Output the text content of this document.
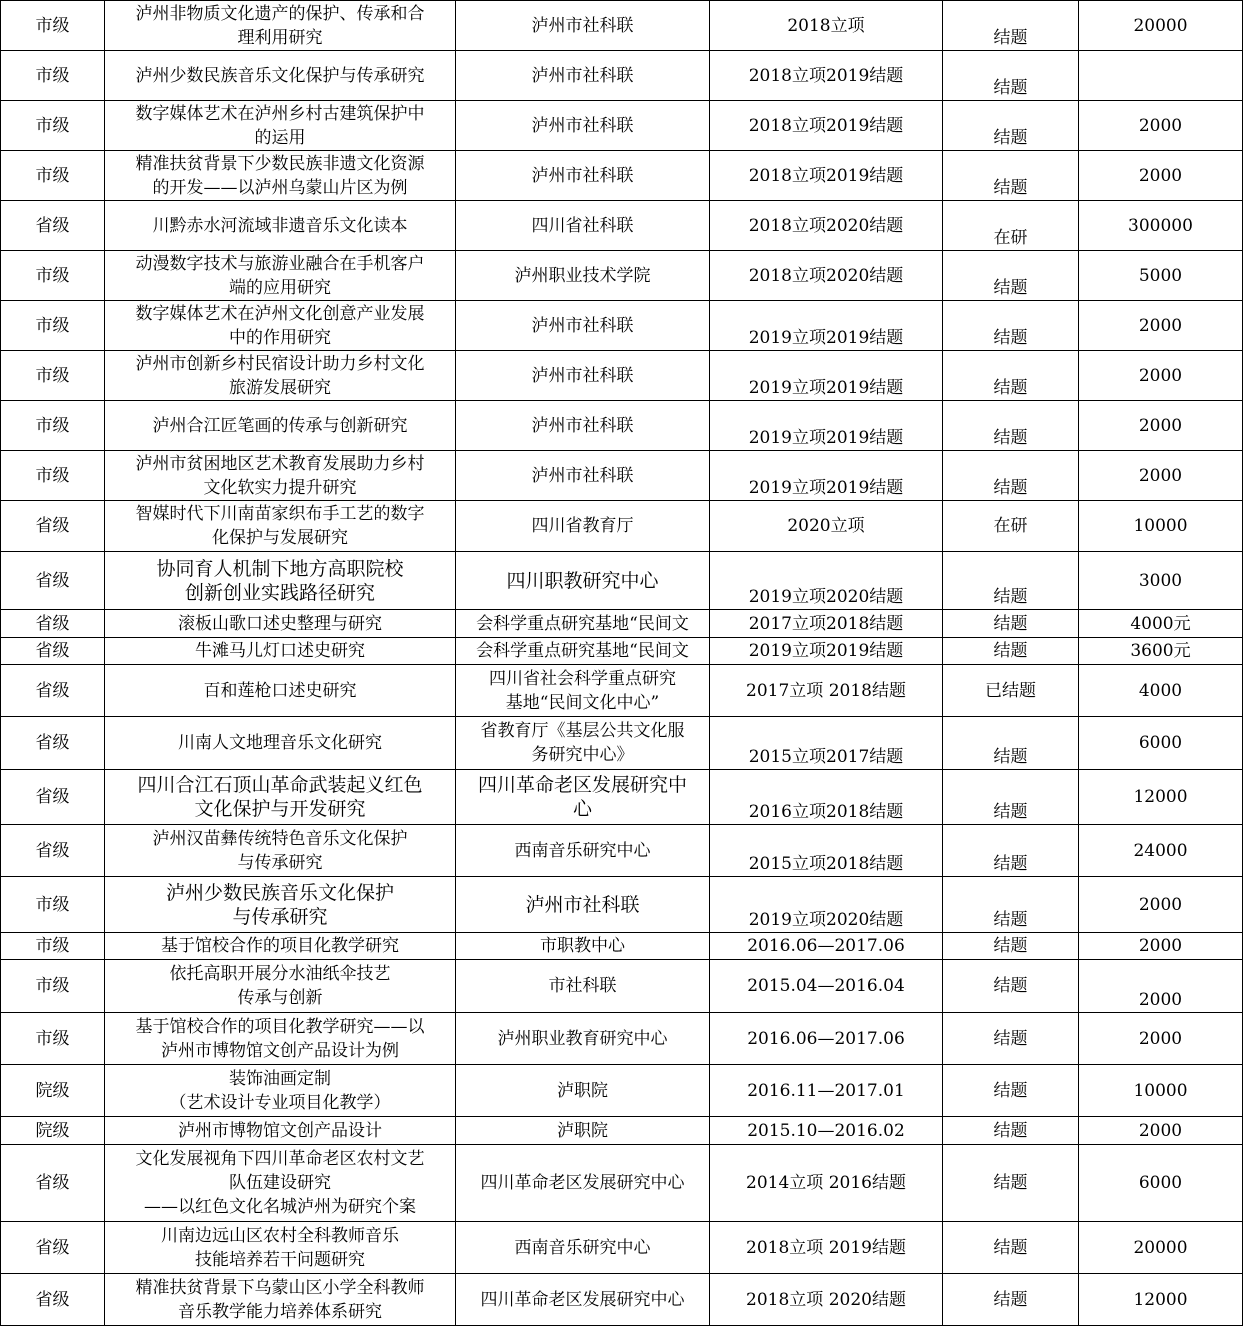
市级	泸州非物质文化遗产的保护、传承和合
理利用研究	泸州市社科联	2018立项	结题	20000
市级	泸州少数民族音乐文化保护与传承研究	泸州市社科联	2018立项2019结题	结题	
市级	数字媒体艺术在泸州乡村古建筑保护中
的运用	泸州市社科联	2018立项2019结题	结题	2000
市级	精准扶贫背景下少数民族非遗文化资源
的开发——以泸州乌蒙山片区为例	泸州市社科联	2018立项2019结题	结题	2000
省级	川黔赤水河流域非遗音乐文化读本	四川省社科联	2018立项2020结题	在研	300000
市级	动漫数字技术与旅游业融合在手机客户
端的应用研究	泸州职业技术学院	2018立项2020结题	结题	5000
市级	数字媒体艺术在泸州文化创意产业发展
中的作用研究	泸州市社科联	2019立项2019结题	结题	2000
市级	泸州市创新乡村民宿设计助力乡村文化
旅游发展研究	泸州市社科联	2019立项2019结题	结题	2000
市级	泸州合江匠笔画的传承与创新研究	泸州市社科联	2019立项2019结题	结题	2000
市级	泸州市贫困地区艺术教育发展助力乡村
文化软实力提升研究	泸州市社科联	2019立项2019结题	结题	2000
省级	智媒时代下川南苗家织布手工艺的数字
化保护与发展研究	四川省教育厅	2020立项	在研	10000
省级	协同育人机制下地方高职院校
创新创业实践路径研究	四川职教研究中心	2019立项2020结题	结题	3000
省级	滚板山歌口述史整理与研究	会科学重点研究基地“民间文	2017立项2018结题	结题	4000元
省级	牛滩马儿灯口述史研究	会科学重点研究基地“民间文	2019立项2019结题	结题	3600元
省级	百和莲枪口述史研究	四川省社会科学重点研究
基地“民间文化中心”	2017立项 2018结题	已结题	4000
省级	川南人文地理音乐文化研究	省教育厅《基层公共文化服
务研究中心》	2015立项2017结题	结题	6000
省级	四川合江石顶山革命武装起义红色
文化保护与开发研究	四川革命老区发展研究中
心	2016立项2018结题	结题	12000
省级	泸州汉苗彝传统特色音乐文化保护
与传承研究	西南音乐研究中心	2015立项2018结题	结题	24000
市级	泸州少数民族音乐文化保护
与传承研究	泸州市社科联	2019立项2020结题	结题	2000
市级	基于馆校合作的项目化教学研究	市职教中心	2016.06—2017.06	结题	2000
市级	依托高职开展分水油纸伞技艺
传承与创新	市社科联	2015.04—2016.04	结题	2000
市级	基于馆校合作的项目化教学研究——以
泸州市博物馆文创产品设计为例	泸州职业教育研究中心	2016.06—2017.06	结题	2000
院级	装饰油画定制
（艺术设计专业项目化教学）	泸职院	2016.11—2017.01	结题	10000
院级	泸州市博物馆文创产品设计	泸职院	2015.10—2016.02	结题	2000
省级	文化发展视角下四川革命老区农村文艺
队伍建设研究
——以红色文化名城泸州为研究个案	四川革命老区发展研究中心	2014立项 2016结题	结题	6000
省级	川南边远山区农村全科教师音乐
技能培养若干问题研究	西南音乐研究中心	2018立项 2019结题	结题	20000
省级	精准扶贫背景下乌蒙山区小学全科教师
音乐教学能力培养体系研究	四川革命老区发展研究中心	2018立项 2020结题	结题	12000
